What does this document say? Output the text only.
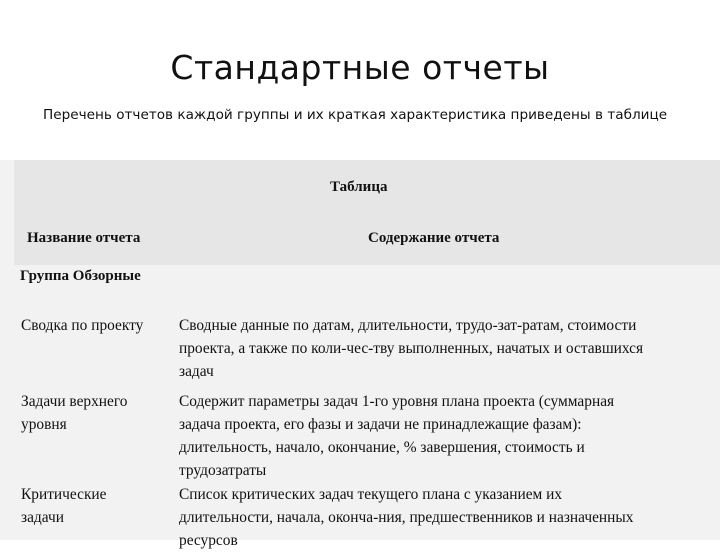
Стандартные отчеты
Перечень отчетов каждой группы и их краткая характеристика приведены в таблице
Таблица
Название отчета	Содержание отчета
Группа Обзорные
Сводка по проекту	Сводные данные по датам, длительности, трудо-зат-ратам, стоимости
проекта, а также по коли-чес-тву выполненных, начатых и оставшихся
задач
Задачи верхнего
уровня
Содержит параметры задач 1-го уровня плана проекта (суммарная
задача проекта, его фазы и задачи не принадлежащие фазам):
длительность, начало, окончание, % завершения, стоимость и
трудозатраты
Критические
задачи
Список критических задач текущего плана с указанием их
длительности, начала, оконча-ния, предшественников и назначенных
ресурсов
